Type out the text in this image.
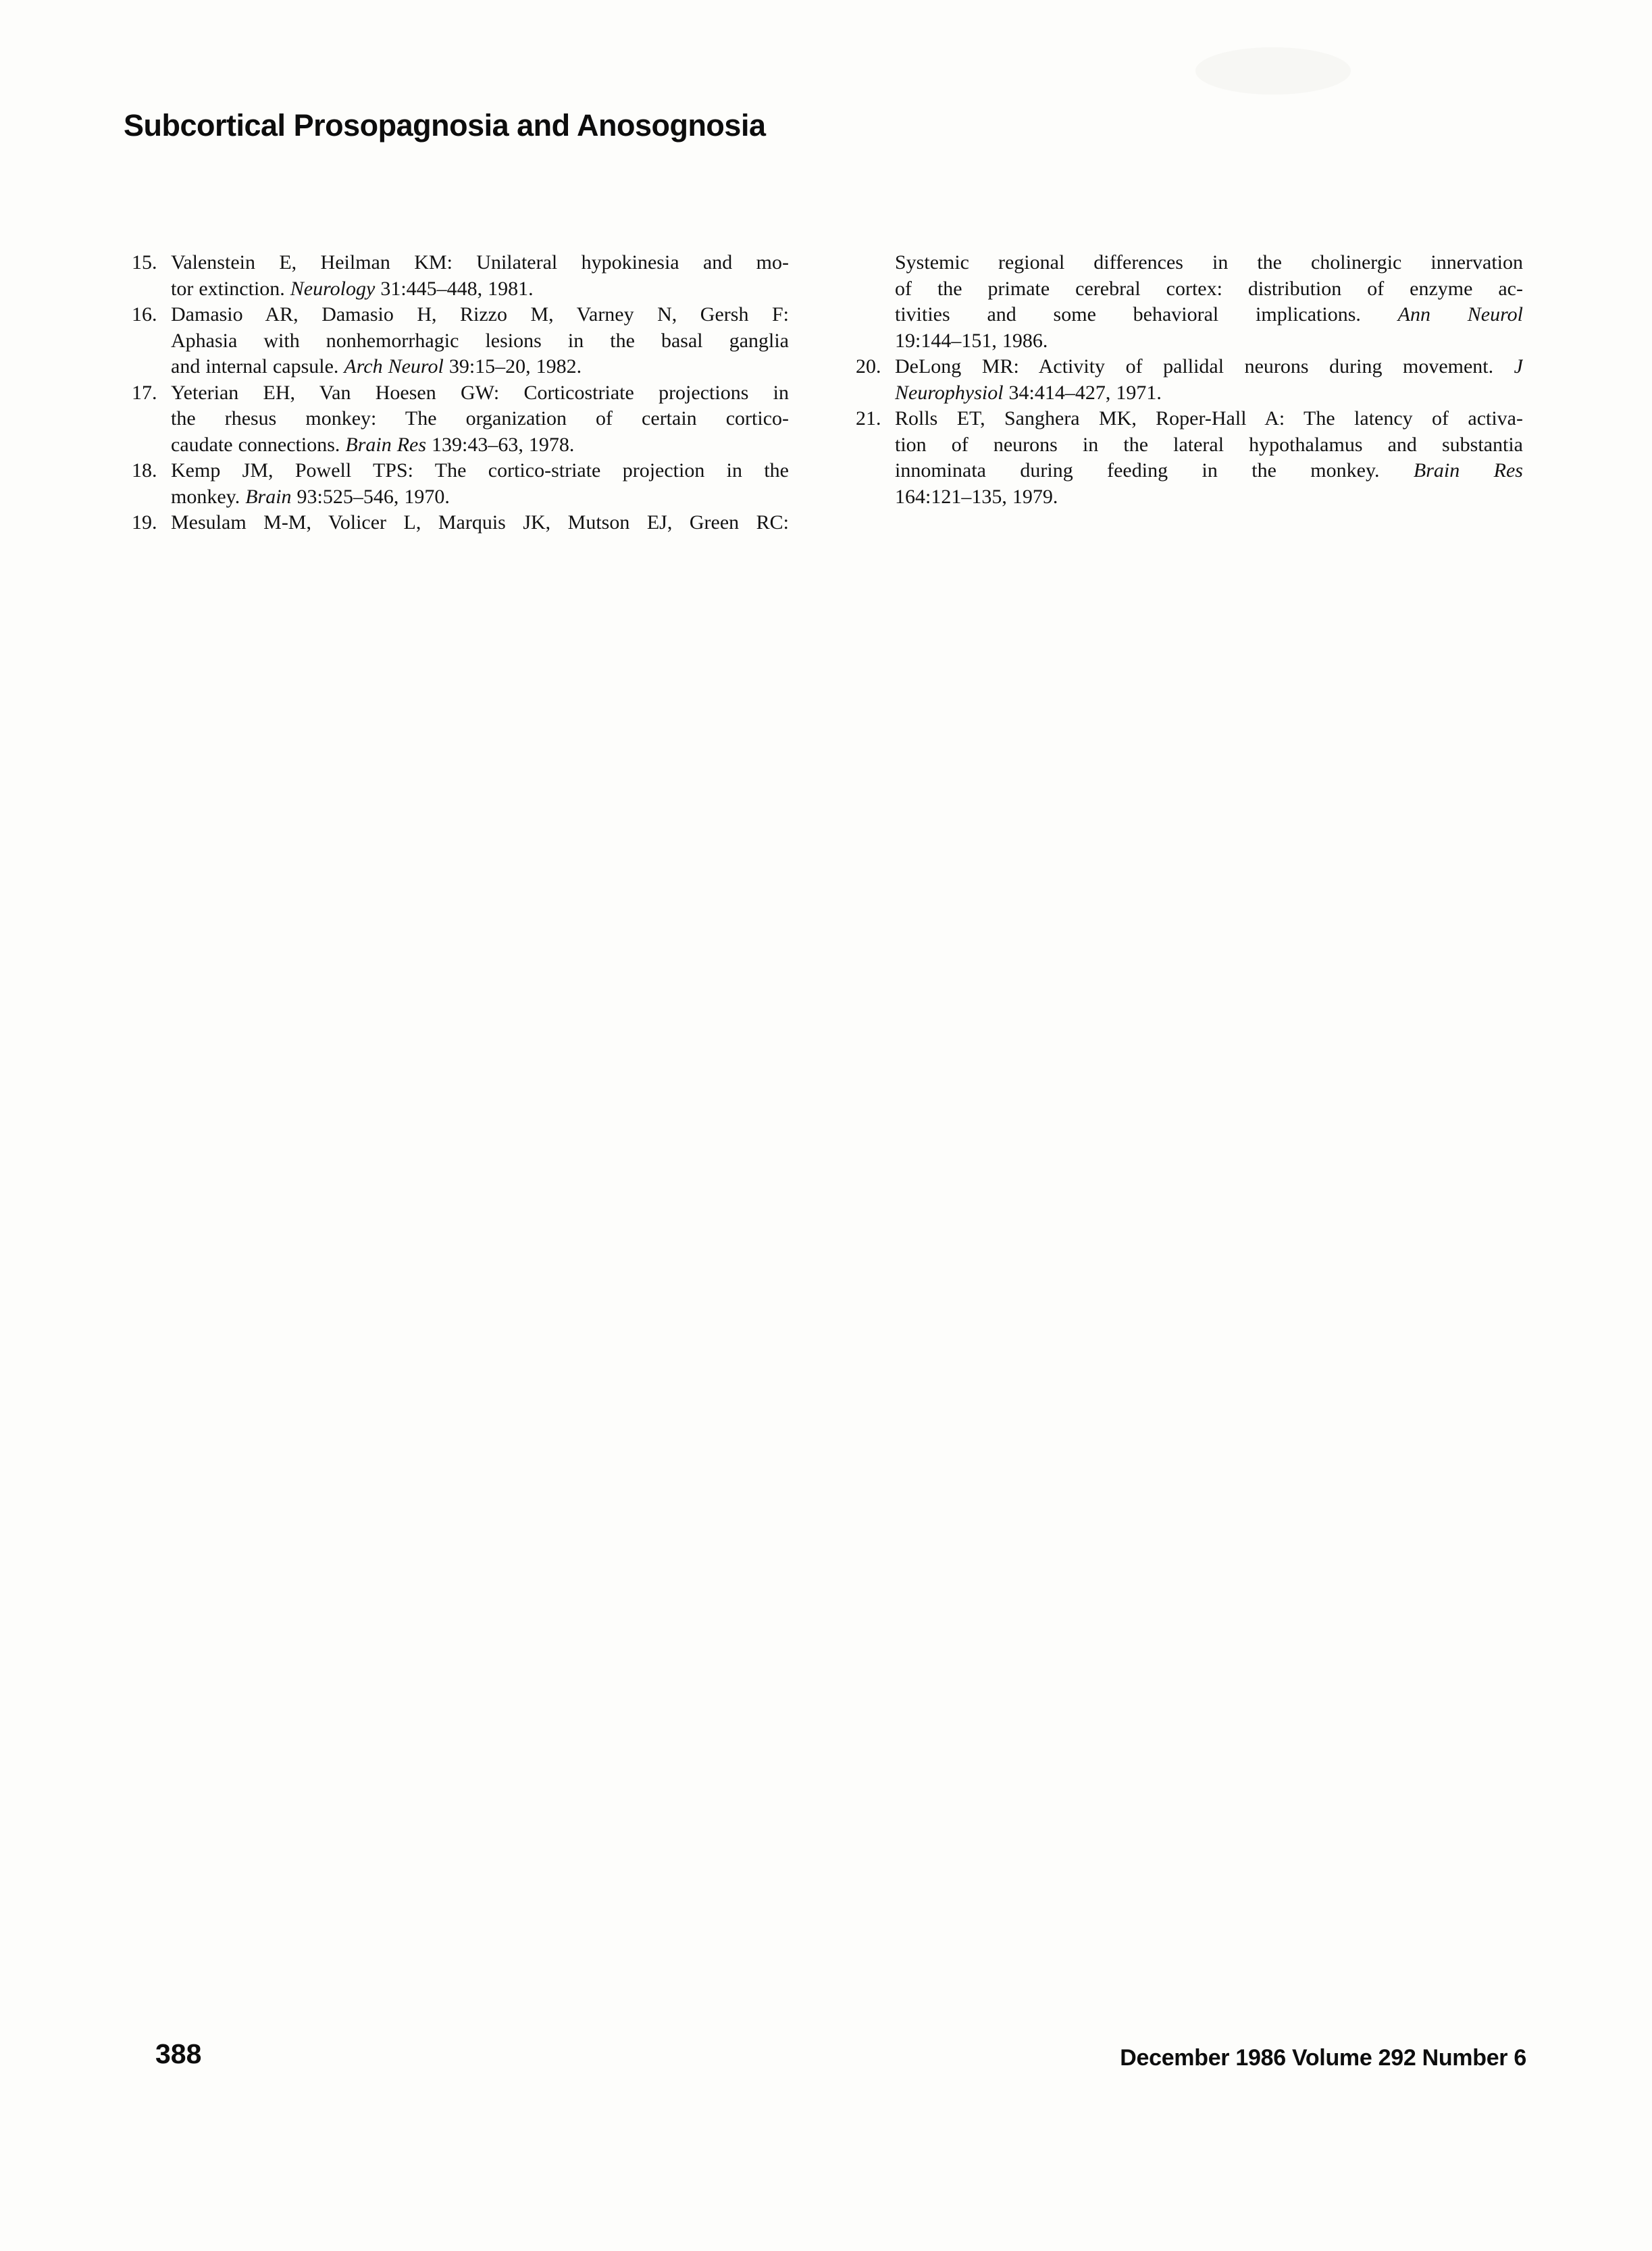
Subcortical Prosopagnosia and Anosognosia
15. Valenstein E, Heilman KM: Unilateral hypokinesia and mo-
tor extinction. Neurology 31:445–448, 1981.
16. Damasio AR, Damasio H, Rizzo M, Varney N, Gersh F:
Aphasia with nonhemorrhagic lesions in the basal ganglia
and internal capsule. Arch Neurol 39:15–20, 1982.
17. Yeterian EH, Van Hoesen GW: Corticostriate projections in
the rhesus monkey: The organization of certain cortico-
caudate connections. Brain Res 139:43–63, 1978.
18. Kemp JM, Powell TPS: The cortico-striate projection in the
monkey. Brain 93:525–546, 1970.
19. Mesulam M-M, Volicer L, Marquis JK, Mutson EJ, Green RC:
Systemic regional differences in the cholinergic innervation
of the primate cerebral cortex: distribution of enzyme ac-
tivities and some behavioral implications. Ann Neurol
19:144–151, 1986.
20. DeLong MR: Activity of pallidal neurons during movement. J
Neurophysiol 34:414–427, 1971.
21. Rolls ET, Sanghera MK, Roper-Hall A: The latency of activa-
tion of neurons in the lateral hypothalamus and substantia
innominata during feeding in the monkey. Brain Res
164:121–135, 1979.
388	December 1986 Volume 292 Number 6
